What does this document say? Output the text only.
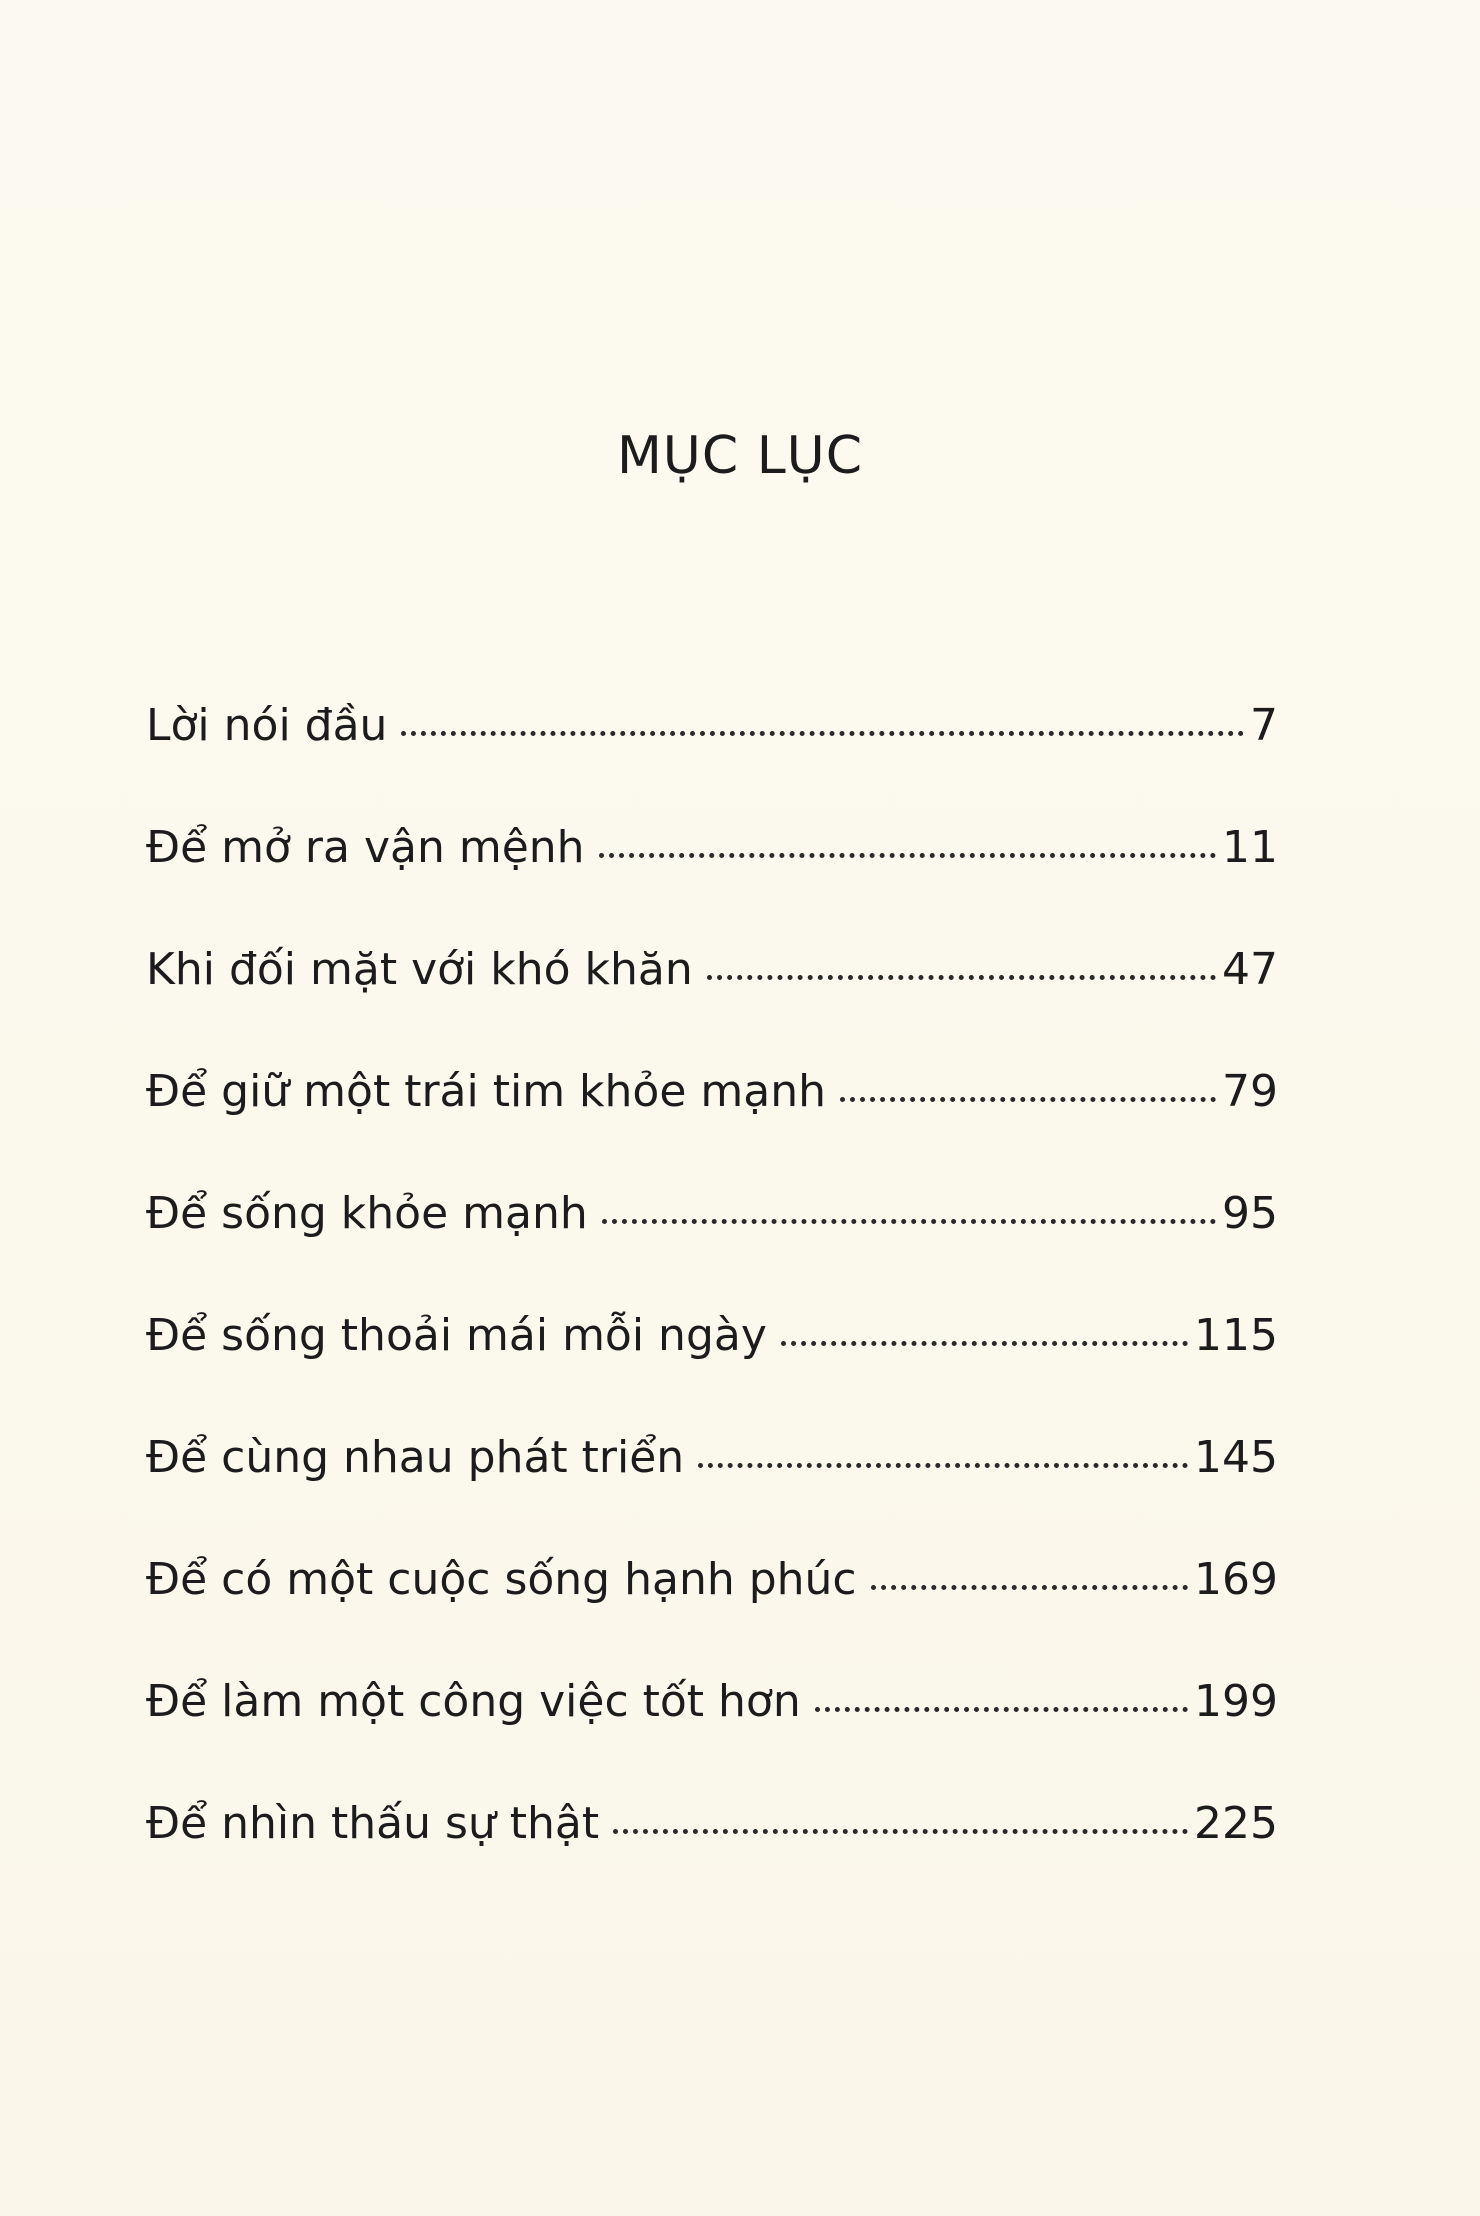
MỤC LỤC
Lời nói đầu	7
Để mở ra vận mệnh	11
Khi đối mặt với khó khăn	47
Để giữ một trái tim khỏe mạnh	79
Để sống khỏe mạnh	95
Để sống thoải mái mỗi ngày	115
Để cùng nhau phát triển	145
Để có một cuộc sống hạnh phúc	169
Để làm một công việc tốt hơn	199
Để nhìn thấu sự thật	225
